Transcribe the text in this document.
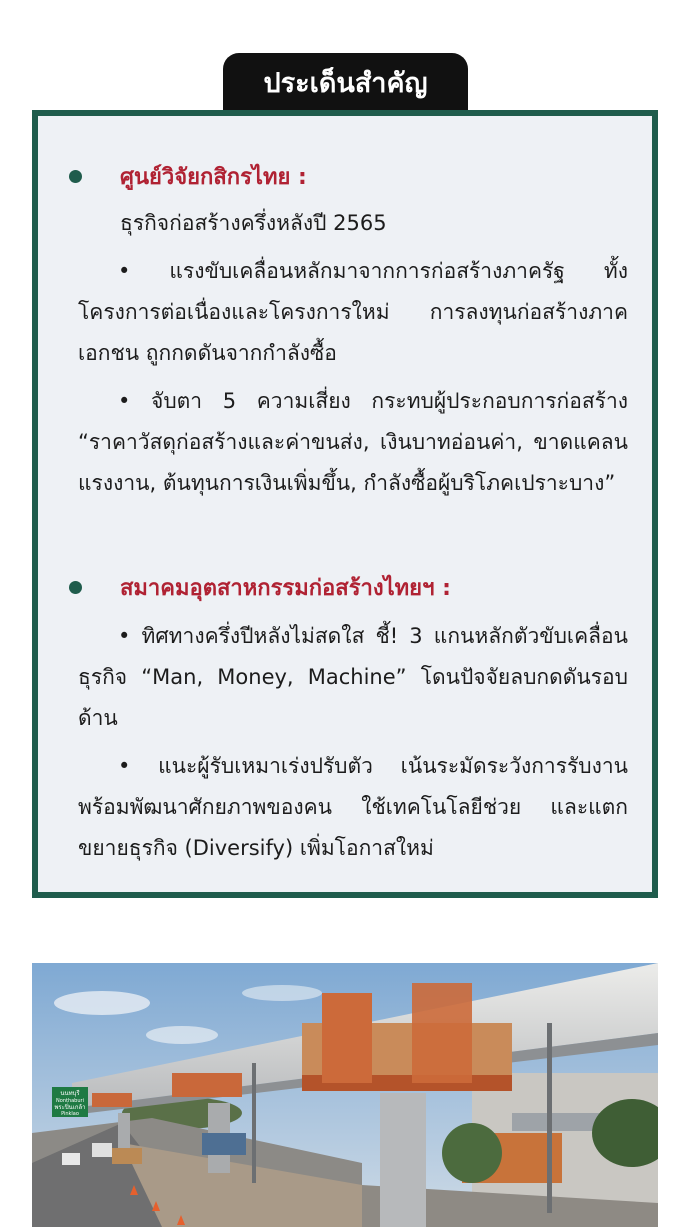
ประเด็นสำคัญ
ศูนย์วิจัยกสิกรไทย :
ธุรกิจก่อสร้างครึ่งหลังปี 2565
• แรงขับเคลื่อนหลักมาจากการก่อสร้างภาครัฐ ทั้งโครงการต่อเนื่องและโครงการใหม่ การลงทุนก่อสร้างภาคเอกชน ถูกกดดันจากกำลังซื้อ
• จับตา 5 ความเสี่ยง กระทบผู้ประกอบการก่อสร้าง “ราคาวัสดุก่อสร้างและค่าขนส่ง, เงินบาทอ่อนค่า, ขาดแคลนแรงงาน, ต้นทุนการเงินเพิ่มขึ้น, กำลังซื้อผู้บริโภคเปราะบาง”
สมาคมอุตสาหกรรมก่อสร้างไทยฯ :
• ทิศทางครึ่งปีหลังไม่สดใส ชี้! 3 แกนหลักตัวขับเคลื่อนธุรกิจ “Man, Money, Machine” โดนปัจจัยลบกดดันรอบด้าน
• แนะผู้รับเหมาเร่งปรับตัว เน้นระมัดระวังการรับงาน พร้อมพัฒนาศักยภาพของคน ใช้เทคโนโลยีช่วย และแตกขยายธุรกิจ (Diversify) เพิ่มโอกาสใหม่
นนทบุรี
Nonthaburi
พระปิ่นเกล้า
Pinklao
